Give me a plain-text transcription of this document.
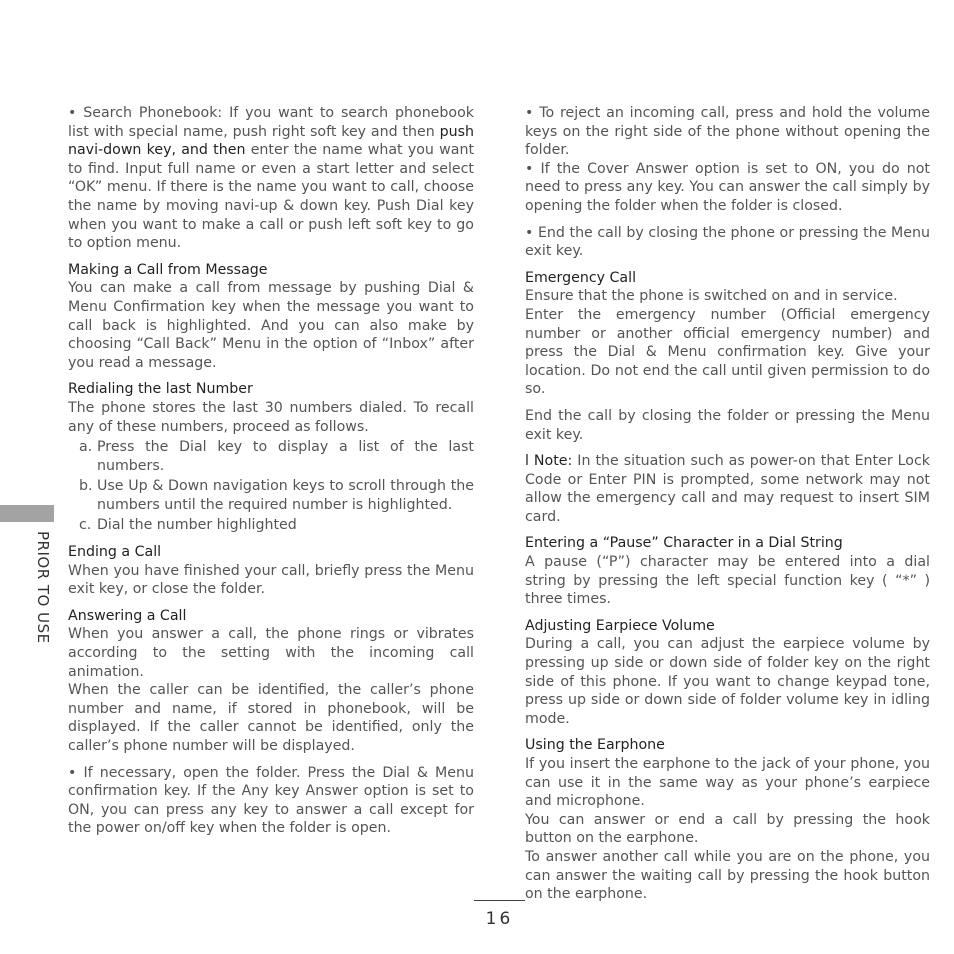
PRIOR TO USE

• Search Phonebook: If you want to search phonebook list with special name, push right soft key and then push navi-down key, and then enter the name what you want to find. Input full name or even a start letter and select “OK” menu. If there is the name you want to call, choose the name by moving navi-up & down key. Push Dial key when you want to make a call or push left soft key to go to option menu.

Making a Call from Message

You can make a call from message by pushing Dial & Menu Confirmation key when the message you want to call back is highlighted. And you can also make by choosing “Call Back” Menu in the option of “Inbox” after you read a message.

Redialing the last Number

The phone stores the last 30 numbers dialed. To recall any of these numbers, proceed as follows.

a. Press the Dial key to display a list of the last numbers.

b. Use Up & Down navigation keys to scroll through the numbers until the required number is highlighted.

c. Dial the number highlighted

Ending a Call

When you have finished your call, briefly press the Menu exit key, or close the folder.

Answering a Call

When you answer a call, the phone rings or vibrates according to the setting with the incoming call animation.

When the caller can be identified, the caller’s phone number and name, if stored in phonebook, will be displayed. If the caller cannot be identified, only the caller’s phone number will be displayed.

• If necessary, open the folder. Press the Dial & Menu confirmation key. If the Any key Answer option is set to ON, you can press any key to answer a call except for the power on/off key when the folder is open.

• To reject an incoming call, press and hold the volume keys on the right side of the phone without opening the folder.

• If the Cover Answer option is set to ON, you do not need to press any key. You can answer the call simply by opening the folder when the folder is closed.

• End the call by closing the phone or pressing the Menu exit key.

Emergency Call

Ensure that the phone is switched on and in service.

Enter the emergency number (Official emergency number or another official emergency number) and press the Dial & Menu confirmation key. Give your location. Do not end the call until given permission to do so.

End the call by closing the folder or pressing the Menu exit key.

l Note: In the situation such as power-on that Enter Lock Code or Enter PIN is prompted, some network may not allow the emergency call and may request to insert SIM card.

Entering a “Pause” Character in a Dial String

A pause (“P”) character may be entered into a dial string by pressing the left special function key ( “*” ) three times.

Adjusting Earpiece Volume

During a call, you can adjust the earpiece volume by pressing up side or down side of folder key on the right side of this phone. If you want to change keypad tone, press up side or down side of folder volume key in idling mode.

Using the Earphone

If you insert the earphone to the jack of your phone, you can use it in the same way as your phone’s earpiece and microphone.

You can answer or end a call by pressing the hook button on the earphone.

To answer another call while you are on the phone, you can answer the waiting call by pressing the hook button on the earphone.

16
